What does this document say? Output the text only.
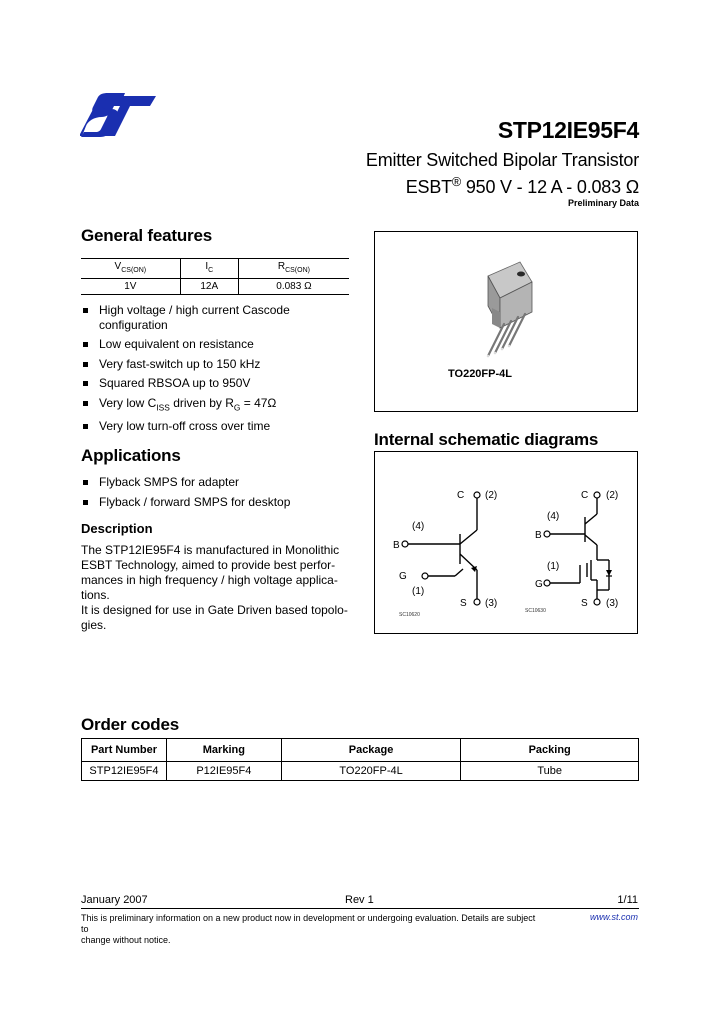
STP12IE95F4
Emitter Switched Bipolar Transistor
ESBT® 950 V - 12 A - 0.083 Ω
Preliminary Data
General features
$V_{CS(ON)}$	$I_C$	$R_{CS(ON)}$
1V	12A	0.083 Ω
High voltage / high current Cascode configuration
Low equivalent on resistance
Very fast-switch up to 150 kHz
Squared RBSOA up to 950V
Very low $C_{ISS}$ driven by $R_G = 47\Omega$
Very low turn-off cross over time
Applications
Flyback SMPS for adapter
Flyback / forward SMPS for desktop
Description

The STP12IE95F4 is manufactured in Monolithic

ESBT Technology, aimed to provide best perfor-

mances in high frequency / high voltage applica-

tions.

It is designed for use in Gate Driven based topolo-

gies.

TO220FP-4L
Internal schematic diagrams
C (2)
(4)
B
G
(1)
S (3)
SC10620
C (2)
(4)
B
(1)
G
S (3)
SC10630
Order codes
Part Number	Marking	Package	Packing
STP12IE95F4	P12IE95F4	TO220FP-4L	Tube
January 2007	Rev 1	1/11
This is preliminary information on a new product now in development or undergoing evaluation. Details are subject to
change without notice.
www.st.com
